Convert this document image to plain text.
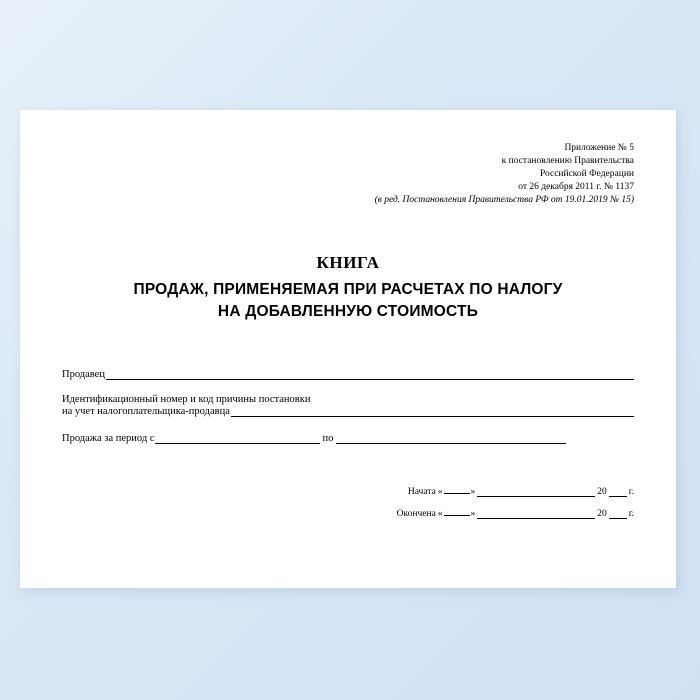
Приложение № 5
к постановлению Правительства
Российской Федерации
от 26 декабря 2011 г. № 1137
(в ред. Постановления Правительства РФ от 19.01.2019 № 15)
КНИГА
ПРОДАЖ, ПРИМЕНЯЕМАЯ ПРИ РАСЧЕТАХ ПО НАЛОГУ
НА ДОБАВЛЕННУЮ СТОИМОСТЬ
Продавец
Идентификационный номер и код причины постановки
на учет налогоплательщика-продавца
Продажа за период с	по
Начата «	»	20 г.
Окончена «	»	20 г.
